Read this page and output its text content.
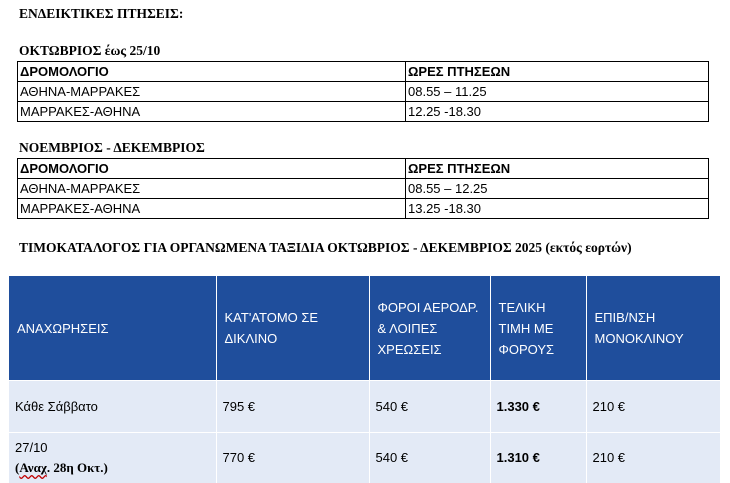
ΕΝΔΕΙΚΤΙΚΕΣ ΠΤΗΣΕΙΣ:
ΟΚΤΩΒΡΙΟΣ έως 25/10
ΔΡΟΜΟΛΟΓΙΟ	ΩΡΕΣ ΠΤΗΣΕΩΝ
ΑΘΗΝΑ-ΜΑΡΡΑΚΕΣ	08.55 – 11.25
ΜΑΡΡΑΚΕΣ-ΑΘΗΝΑ	12.25 -18.30
ΝΟΕΜΒΡΙΟΣ - ΔΕΚΕΜΒΡΙΟΣ
ΔΡΟΜΟΛΟΓΙΟ	ΩΡΕΣ ΠΤΗΣΕΩΝ
ΑΘΗΝΑ-ΜΑΡΡΑΚΕΣ	08.55 – 12.25
ΜΑΡΡΑΚΕΣ-ΑΘΗΝΑ	13.25 -18.30
ΤΙΜΟΚΑΤΑΛΟΓΟΣ ΓΙΑ ΟΡΓΑΝΩΜΕΝΑ ΤΑΞΙΔΙΑ ΟΚΤΩΒΡΙΟΣ - ΔΕΚΕΜΒΡΙΟΣ 2025 (εκτός εορτών)
ΑΝΑΧΩΡΗΣΕΙΣ	ΚΑΤ'ΑΤΟΜΟ ΣΕ ΔΙΚΛΙΝΟ	ΦΟΡΟΙ ΑΕΡΟΔΡ. & ΛΟΙΠΕΣ ΧΡΕΩΣΕΙΣ	ΤΕΛΙΚΗ ΤΙΜΗ ΜΕ ΦΟΡΟΥΣ	ΕΠΙΒ/ΝΣΗ ΜΟΝΟΚΛΙΝΟΥ
Κάθε Σάββατο	795 €	540 €	1.330 €	210 €

27/10
(Αναχ. 28η Οκτ.)	770 €	540 €	1.310 €	210 €
